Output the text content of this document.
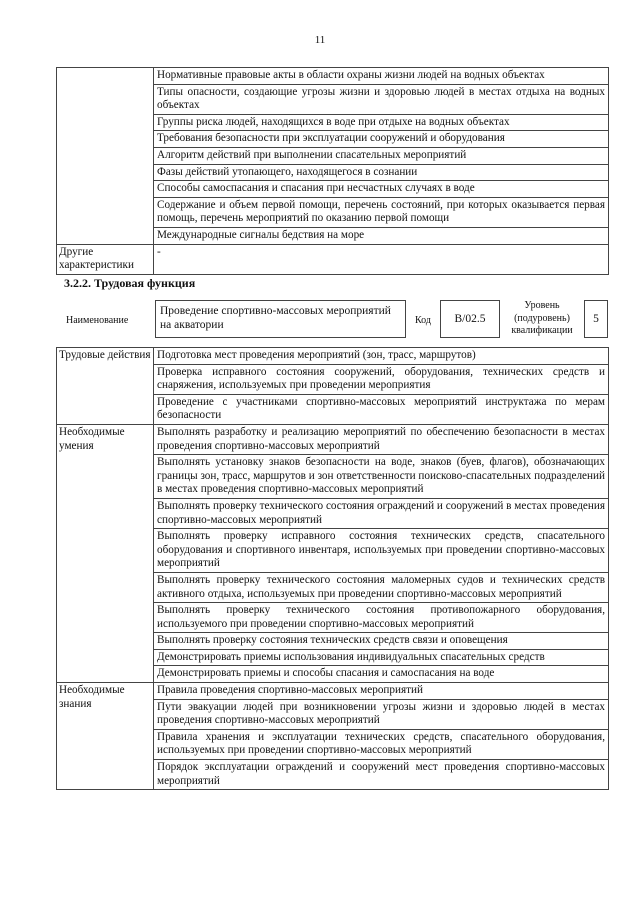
11
	Нормативные правовые акты в области охраны жизни людей на водных объектах
	Типы опасности, создающие угрозы жизни и здоровью людей в местах отдыха на водных объектах
	Группы риска людей, находящихся в воде при отдыхе на водных объектах
	Требования безопасности при эксплуатации сооружений и оборудования
	Алгоритм действий при выполнении спасательных мероприятий
	Фазы действий утопающего, находящегося в сознании
	Способы самоспасания и спасания при несчастных случаях в воде
	Содержание и объем первой помощи, перечень состояний, при которых оказывается первая помощь, перечень мероприятий по оказанию первой помощи
	Международные сигналы бедствия на море
Другие характеристики	-
3.2.2. Трудовая функция
Наименование
Проведение спортивно-массовых мероприятий на акватории	Код	B/02.5
Уровень
(подуровень)
квалификации
5
Трудовые действия	Подготовка мест проведения мероприятий (зон, трасс, маршрутов)
	Проверка исправного состояния сооружений, оборудования, технических средств и снаряжения, используемых при проведении мероприятия
	Проведение с участниками спортивно-массовых мероприятий инструктажа по мерам безопасности
Необходимые умения	Выполнять разработку и реализацию мероприятий по обеспечению безопасности в местах проведения спортивно-массовых мероприятий
	Выполнять установку знаков безопасности на воде, знаков (буев, флагов), обозначающих границы зон, трасс, маршрутов и зон ответственности поисково-спасательных подразделений в местах проведения спортивно-массовых мероприятий
	Выполнять проверку технического состояния ограждений и сооружений в местах проведения спортивно-массовых мероприятий
	Выполнять проверку исправного состояния технических средств, спасательного оборудования и спортивного инвентаря, используемых при проведении спортивно-массовых мероприятий
	Выполнять проверку технического состояния маломерных судов и технических средств активного отдыха, используемых при проведении спортивно-массовых мероприятий
	Выполнять проверку технического состояния противопожарного оборудования, используемого при проведении спортивно-массовых мероприятий
	Выполнять проверку состояния технических средств связи и оповещения
	Демонстрировать приемы использования индивидуальных спасательных средств
	Демонстрировать приемы и способы спасания и самоспасания на воде
Необходимые знания	Правила проведения спортивно-массовых мероприятий
	Пути эвакуации людей при возникновении угрозы жизни и здоровью людей в местах проведения спортивно-массовых мероприятий
	Правила хранения и эксплуатации технических средств, спасательного оборудования, используемых при проведении спортивно-массовых мероприятий
	Порядок эксплуатации ограждений и сооружений мест проведения спортивно-массовых мероприятий
